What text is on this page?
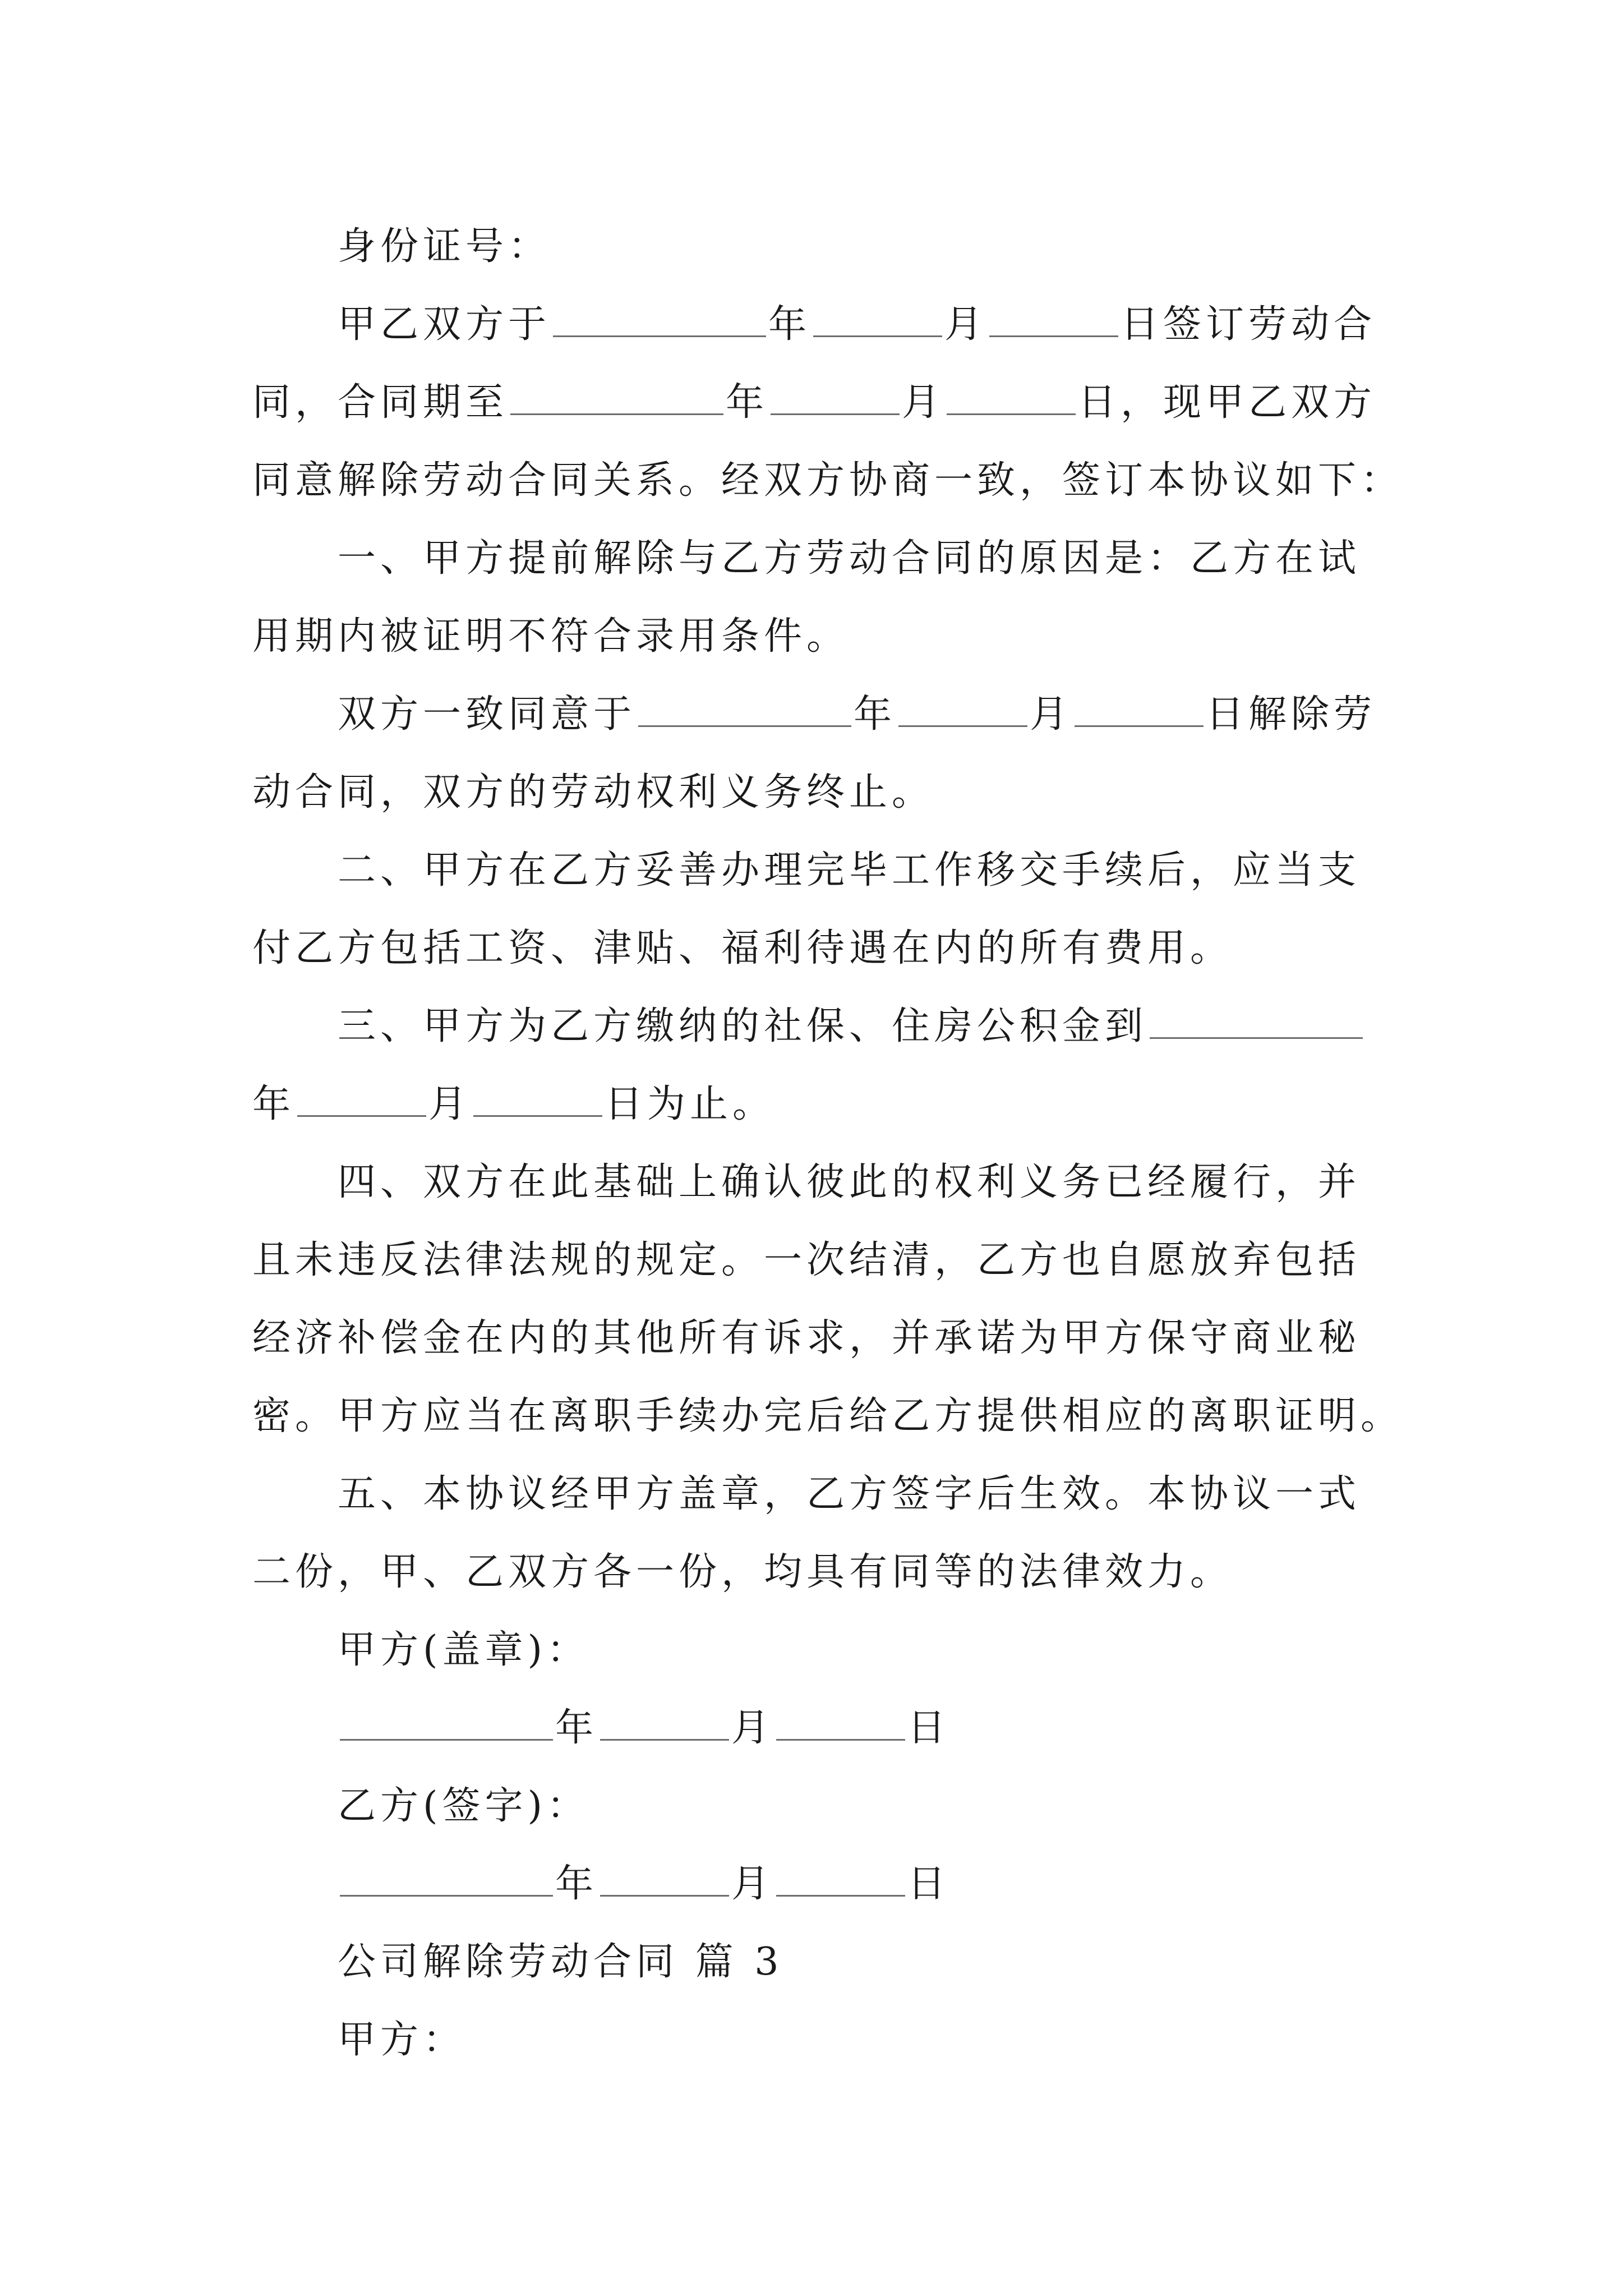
身份证号：
甲乙双方于	年	月	日签订劳动合
同，合同期至	年	月	日，现甲乙双方
同意解除劳动合同关系。经双方协商一致，签订本协议如下：
一、甲方提前解除与乙方劳动合同的原因是：乙方在试
用期内被证明不符合录用条件。
双方一致同意于	年	月	日解除劳
动合同，双方的劳动权利义务终止。
二、甲方在乙方妥善办理完毕工作移交手续后，应当支
付乙方包括工资、津贴、福利待遇在内的所有费用。
三、甲方为乙方缴纳的社保、住房公积金到
年	月	日为止。
四、双方在此基础上确认彼此的权利义务已经履行，并
且未违反法律法规的规定。一次结清，乙方也自愿放弃包括
经济补偿金在内的其他所有诉求，并承诺为甲方保守商业秘
密。甲方应当在离职手续办完后给乙方提供相应的离职证明。
五、本协议经甲方盖章，乙方签字后生效。本协议一式
二份，甲、乙双方各一份，均具有同等的法律效力。
甲方(盖章)：
年	月	日
乙方(签字)：
年	月	日
公司解除劳动合同 篇 3
甲方：
